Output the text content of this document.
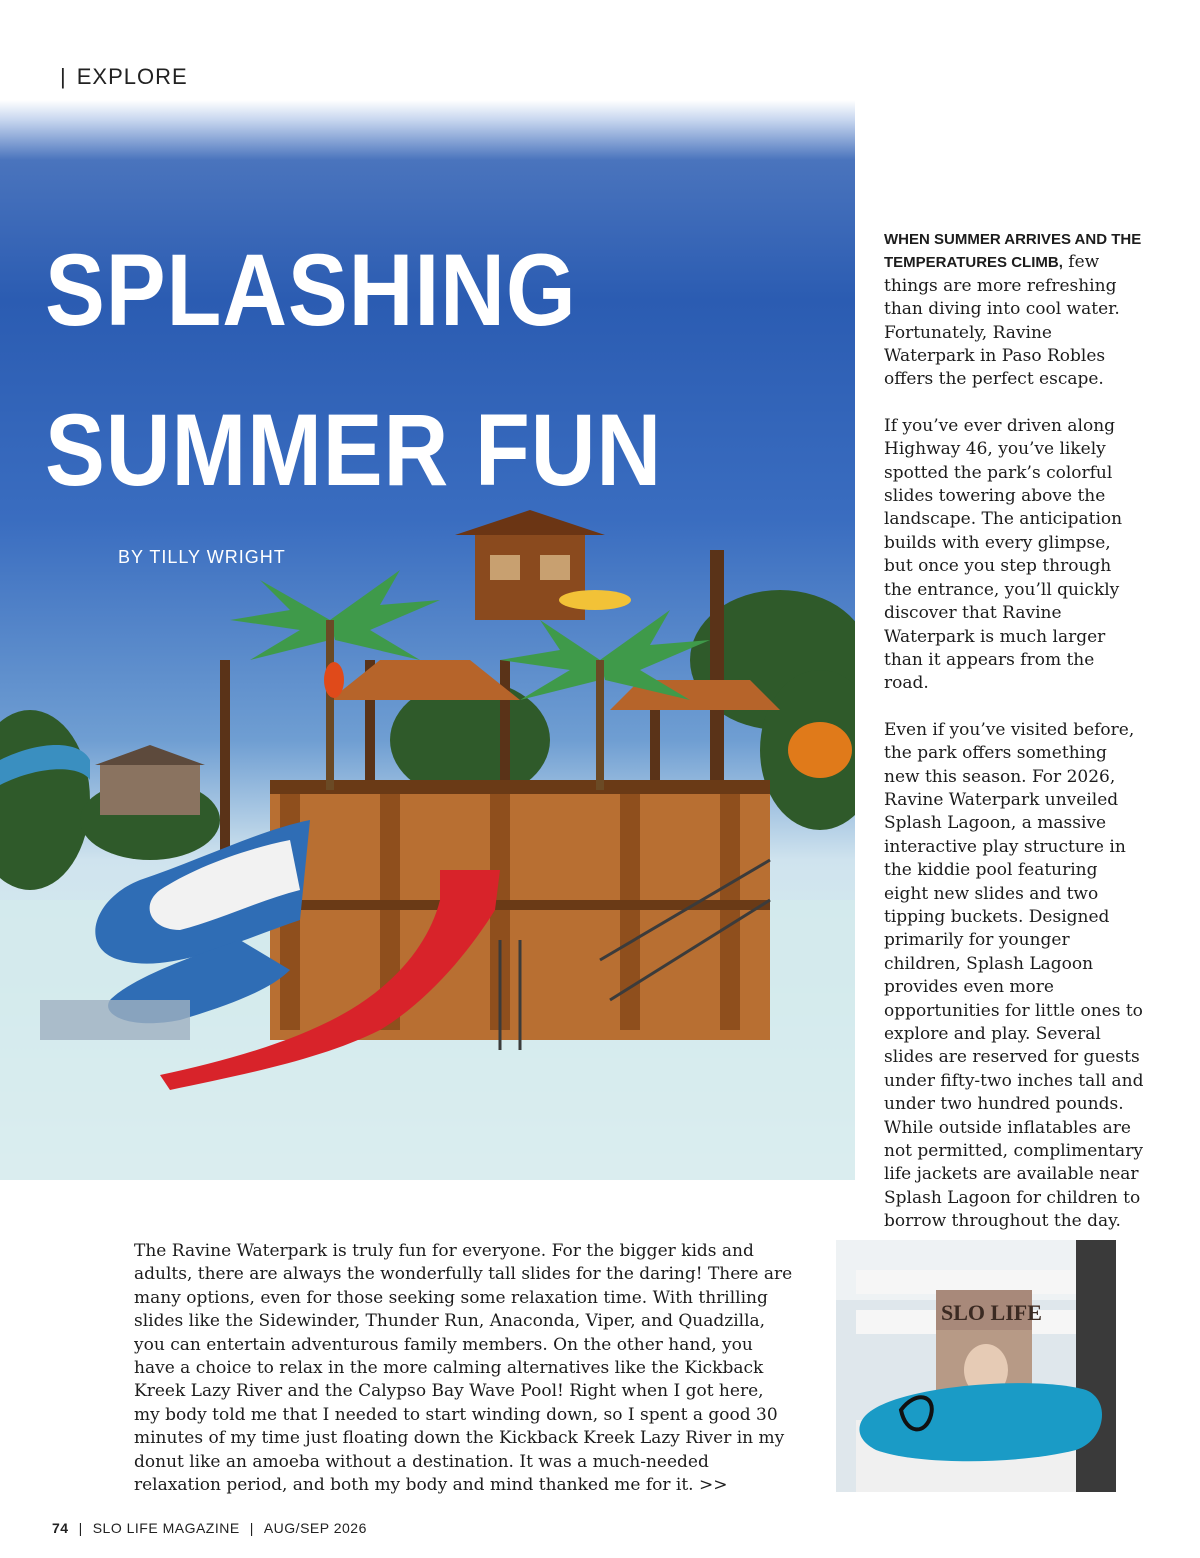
| EXPLORE
SPLASHING
SUMMER FUN
BY TILLY WRIGHT

WHEN SUMMER ARRIVES AND THE TEMPERATURES CLIMB, few things are more refreshing than diving into cool water. Fortunately, Ravine Waterpark in Paso Robles offers the perfect escape.

If you’ve ever driven along Highway 46, you’ve likely spotted the park’s colorful slides towering above the landscape. The anticipation builds with every glimpse, but once you step through the entrance, you’ll quickly discover that Ravine Waterpark is much larger than it appears from the road.

Even if you’ve visited before, the park offers something new this season. For 2026, Ravine Waterpark unveiled Splash Lagoon, a massive interactive play structure in the kiddie pool featuring eight new slides and two tipping buckets. Designed primarily for younger children, Splash Lagoon provides even more opportunities for little ones to explore and play. Several slides are reserved for guests under fifty-two inches tall and under two hundred pounds. While outside inflatables are not permitted, complimentary life jackets are available near Splash Lagoon for children to borrow throughout the day.

The Ravine Waterpark is truly fun for everyone. For the bigger kids and adults, there are always the wonderfully tall slides for the daring! There are many options, even for those seeking some relaxation time. With thrilling slides like the Sidewinder, Thunder Run, Anaconda, Viper, and Quadzilla, you can entertain adventurous family members. On the other hand, you have a choice to relax in the more calming alternatives like the Kickback Kreek Lazy River and the Calypso Bay Wave Pool! Right when I got here, my body told me that I needed to start winding down, so I spent a good 30 minutes of my time just floating down the Kickback Kreek Lazy River in my donut like an amoeba without a destination. It was a much-needed relaxation period, and both my body and mind thanked me for it. >>

SLO LIFE
74 | SLO LIFE MAGAZINE | AUG/SEP 2026
